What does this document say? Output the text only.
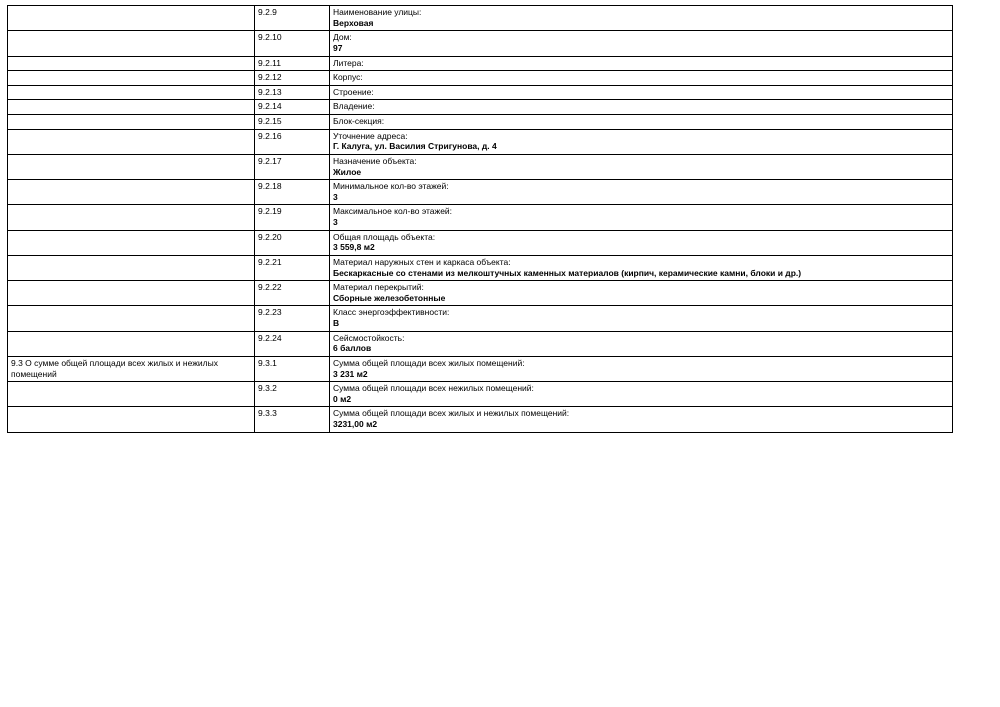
	9.2.9	Наименование улицы:
Верховая

	9.2.10	Дом:
97

	9.2.11	Литера:

	9.2.12	Корпус:

	9.2.13	Строение:

	9.2.14	Владение:

	9.2.15	Блок-секция:

	9.2.16	Уточнение адреса:
Г. Калуга, ул. Василия Стригунова, д. 4

	9.2.17	Назначение объекта:
Жилое

	9.2.18	Минимальное кол-во этажей:
3

	9.2.19	Максимальное кол-во этажей:
3

	9.2.20	Общая площадь объекта:
3 559,8 м2

	9.2.21	Материал наружных стен и каркаса объекта:
Бескаркасные со стенами из мелкоштучных каменных материалов (кирпич, керамические камни, блоки и др.)

	9.2.22	Материал перекрытий:
Сборные железобетонные

	9.2.23	Класс энергоэффективности:
В

	9.2.24	Сейсмостойкость:
6 баллов

9.3 О сумме общей площади всех жилых и нежилых помещений	9.3.1	Сумма общей площади всех жилых помещений:
3 231 м2

	9.3.2	Сумма общей площади всех нежилых помещений:
0 м2

	9.3.3	Сумма общей площади всех жилых и нежилых помещений:
3231,00 м2
